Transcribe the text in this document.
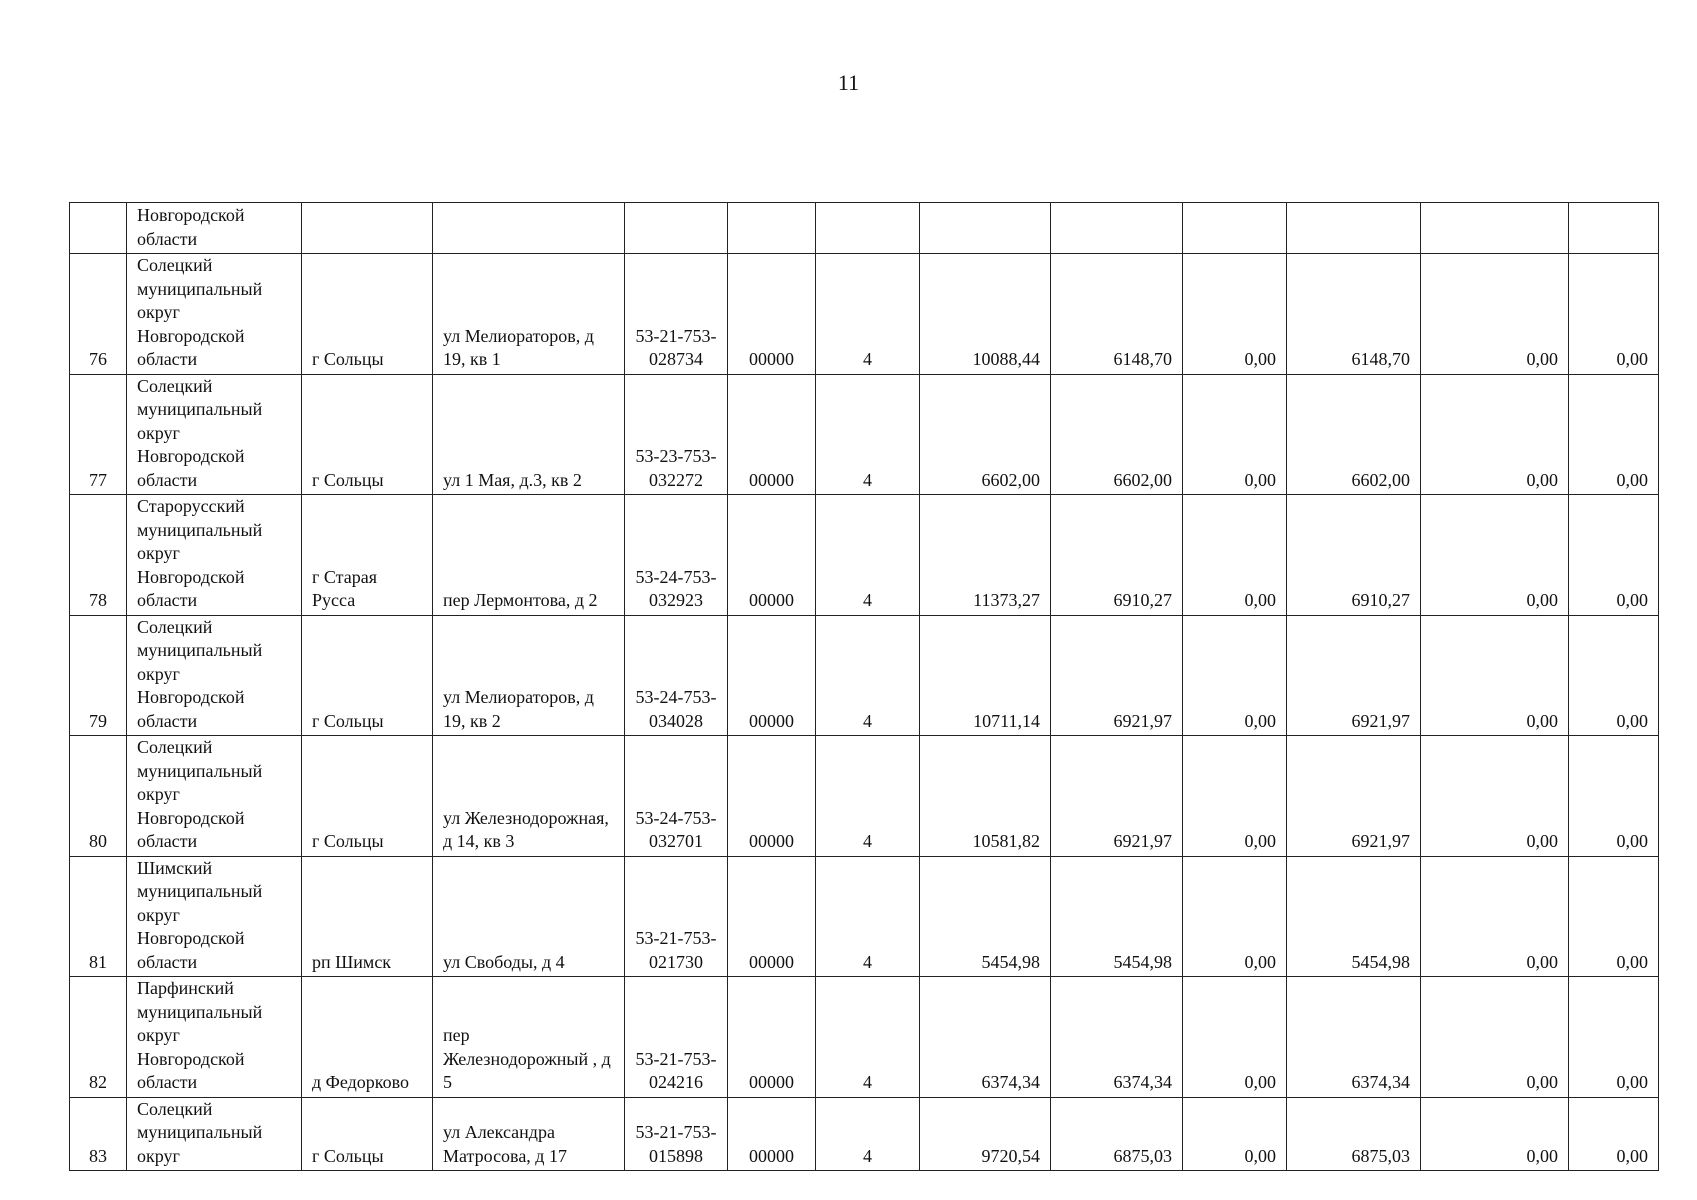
11
	Новгородской области											
76	Солецкий муниципальный округ Новгородской области	г Сольцы	ул Мелиораторов, д 19, кв 1	53-21-753-028734	00000	4	10088,44	6148,70	0,00	6148,70	0,00	0,00
77	Солецкий муниципальный округ Новгородской области	г Сольцы	ул 1 Мая, д.3, кв 2	53-23-753-032272	00000	4	6602,00	6602,00	0,00	6602,00	0,00	0,00
78	Старорусский муниципальный округ Новгородской области	г Старая Русса	пер Лермонтова, д 2	53-24-753-032923	00000	4	11373,27	6910,27	0,00	6910,27	0,00	0,00
79	Солецкий муниципальный округ Новгородской области	г Сольцы	ул Мелиораторов, д 19, кв 2	53-24-753-034028	00000	4	10711,14	6921,97	0,00	6921,97	0,00	0,00
80	Солецкий муниципальный округ Новгородской области	г Сольцы	ул Железнодорожная, д 14, кв 3	53-24-753-032701	00000	4	10581,82	6921,97	0,00	6921,97	0,00	0,00
81	Шимский муниципальный округ Новгородской области	рп Шимск	ул Свободы, д 4	53-21-753-021730	00000	4	5454,98	5454,98	0,00	5454,98	0,00	0,00
82	Парфинский муниципальный округ Новгородской области	д Федорково	пер Железнодорожный , д 5	53-21-753-024216	00000	4	6374,34	6374,34	0,00	6374,34	0,00	0,00
83	Солецкий муниципальный округ	г Сольцы	ул Александра Матросова, д 17	53-21-753-015898	00000	4	9720,54	6875,03	0,00	6875,03	0,00	0,00
